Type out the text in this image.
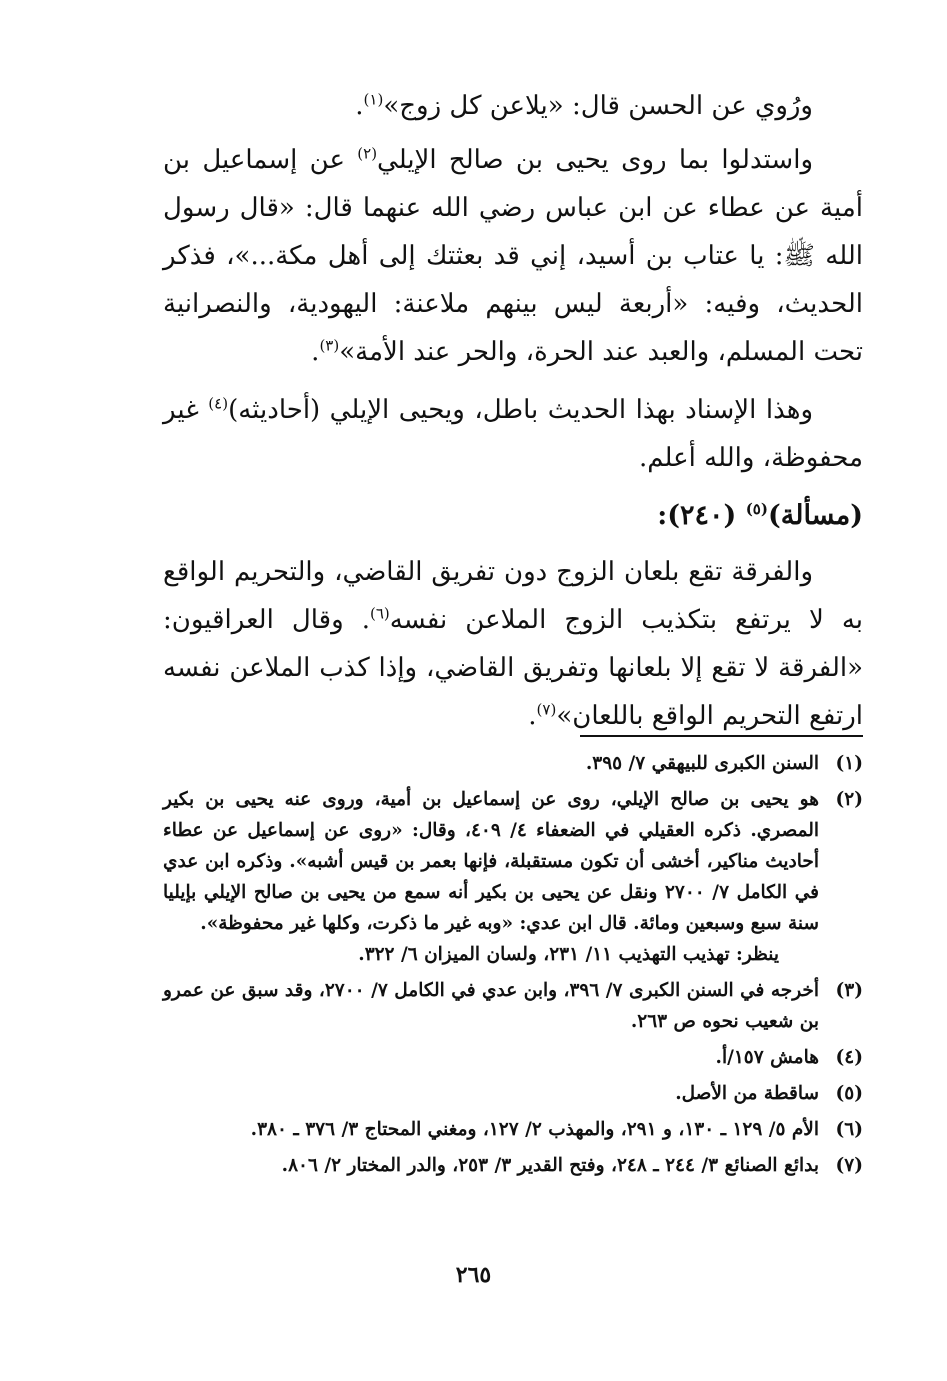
ورُوي عن الحسن قال: «يلاعن كل زوج»$^{(١)}$.

واستدلوا بما روى يحيى بن صالح الإيلي$^{(٢)}$ عن إسماعيل بن أمية عن عطاء عن ابن عباس رضي الله عنهما قال: «قال رسول الله ﷺ: يا عتاب بن أسيد، إني قد بعثتك إلى أهل مكة...»، فذكر الحديث، وفيه: «أربعة ليس بينهم ملاعنة: اليهودية، والنصرانية تحت المسلم، والعبد عند الحرة، والحر عند الأمة»$^{(٣)}$.

وهذا الإسناد بهذا الحديث باطل، ويحيى الإيلي (أحاديثه)$^{(٤)}$ غير محفوظة، والله أعلم.

(مسألة)$^{(٥)}$ (٢٤٠):

والفرقة تقع بلعان الزوج دون تفريق القاضي، والتحريم الواقع به لا يرتفع بتكذيب الزوج الملاعن نفسه$^{(٦)}$. وقال العراقيون: «الفرقة لا تقع إلا بلعانها وتفريق القاضي، وإذا كذب الملاعن نفسه ارتفع التحريم الواقع باللعان»$^{(٧)}$.

(١)
السنن الكبرى للبيهقي ٧/ ٣٩٥.
(٢)
هو يحيى بن صالح الإيلي، روى عن إسماعيل بن أمية، وروى عنه يحيى بن بكير المصري. ذكره العقيلي في الضعفاء ٤/ ٤٠٩، وقال: «روى عن إسماعيل عن عطاء أحاديث مناكير، أخشى أن تكون مستقبلة، فإنها بعمر بن قيس أشبه». وذكره ابن عدي في الكامل ٧/ ٢٧٠٠ ونقل عن يحيى بن بكير أنه سمع من يحيى بن صالح الإيلي بإيليا سنة سبع وسبعين ومائة. قال ابن عدي: «وبه غير ما ذكرت، وكلها غير محفوظة».
ينظر: تهذيب التهذيب ١١/ ٢٣١، ولسان الميزان ٦/ ٣٢٢.
(٣)
أخرجه في السنن الكبرى ٧/ ٣٩٦، وابن عدي في الكامل ٧/ ٢٧٠٠، وقد سبق عن عمرو بن شعيب نحوه ص ٢٦٣.
(٤)
هامش ١٥٧/أ.
(٥)
ساقطة من الأصل.
(٦)
الأم ٥/ ١٢٩ ـ ١٣٠، و ٢٩١، والمهذب ٢/ ١٢٧، ومغني المحتاج ٣/ ٣٧٦ ـ ٣٨٠.
(٧)
بدائع الصنائع ٣/ ٢٤٤ ـ ٢٤٨، وفتح القدير ٣/ ٢٥٣، والدر المختار ٢/ ٨٠٦.
٢٦٥
